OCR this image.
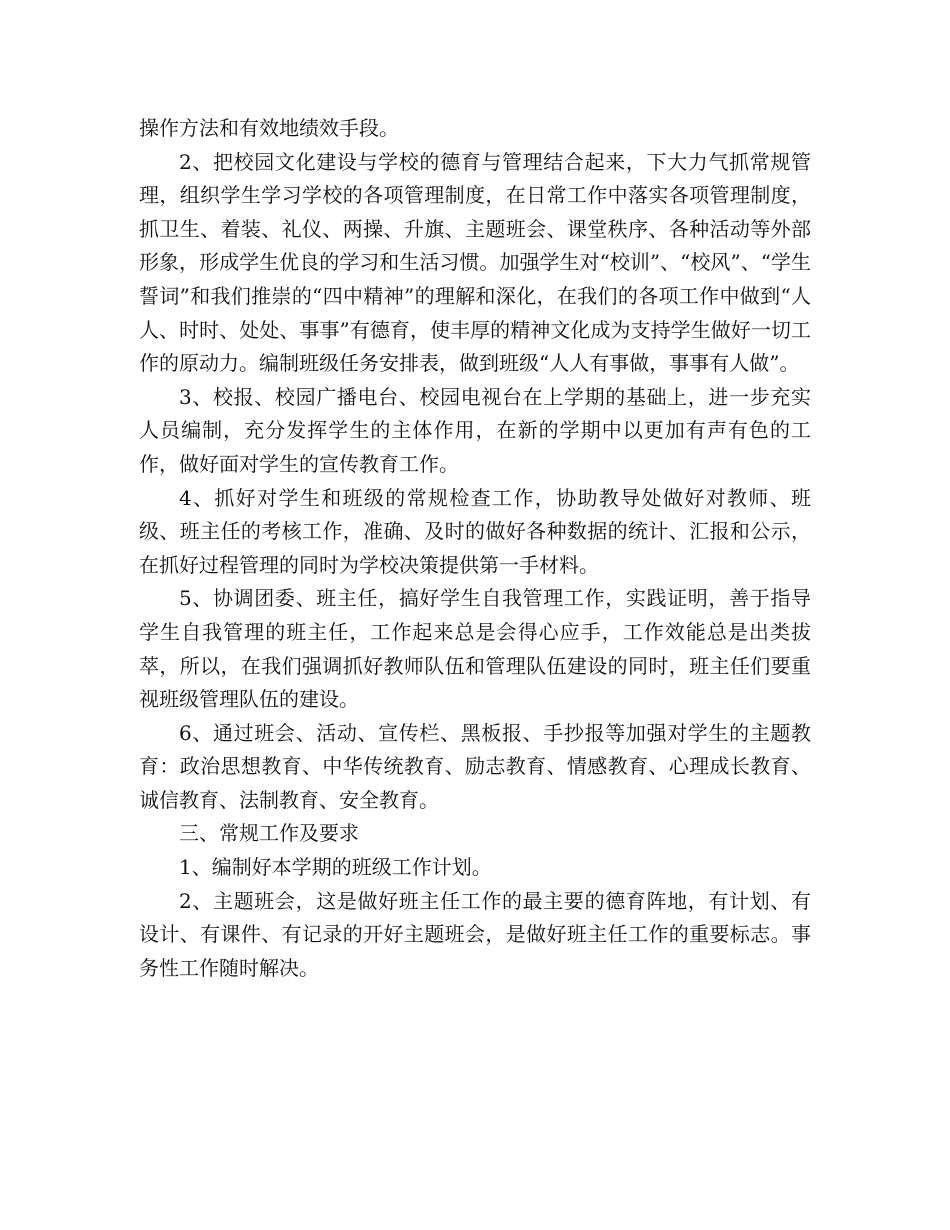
操作方法和有效地绩效手段。

2、把校园文化建设与学校的德育与管理结合起来，下大力气抓常规管理，组织学生学习学校的各项管理制度，在日常工作中落实各项管理制度，抓卫生、着装、礼仪、两操、升旗、主题班会、课堂秩序、各种活动等外部形象，形成学生优良的学习和生活习惯。加强学生对“校训”、“校风”、“学生誓词”和我们推崇的“四中精神”的理解和深化，在我们的各项工作中做到“人人、时时、处处、事事”有德育，使丰厚的精神文化成为支持学生做好一切工作的原动力。编制班级任务安排表，做到班级“人人有事做，事事有人做”。

3、校报、校园广播电台、校园电视台在上学期的基础上，进一步充实人员编制，充分发挥学生的主体作用，在新的学期中以更加有声有色的工作，做好面对学生的宣传教育工作。

4、抓好对学生和班级的常规检查工作，协助教导处做好对教师、班级、班主任的考核工作，准确、及时的做好各种数据的统计、汇报和公示，在抓好过程管理的同时为学校决策提供第一手材料。

5、协调团委、班主任，搞好学生自我管理工作，实践证明，善于指导学生自我管理的班主任，工作起来总是会得心应手，工作效能总是出类拔萃，所以，在我们强调抓好教师队伍和管理队伍建设的同时，班主任们要重视班级管理队伍的建设。

6、通过班会、活动、宣传栏、黑板报、手抄报等加强对学生的主题教育：政治思想教育、中华传统教育、励志教育、情感教育、心理成长教育、诚信教育、法制教育、安全教育。

三、常规工作及要求

1、编制好本学期的班级工作计划。

2、主题班会，这是做好班主任工作的最主要的德育阵地，有计划、有设计、有课件、有记录的开好主题班会，是做好班主任工作的重要标志。事务性工作随时解决。
